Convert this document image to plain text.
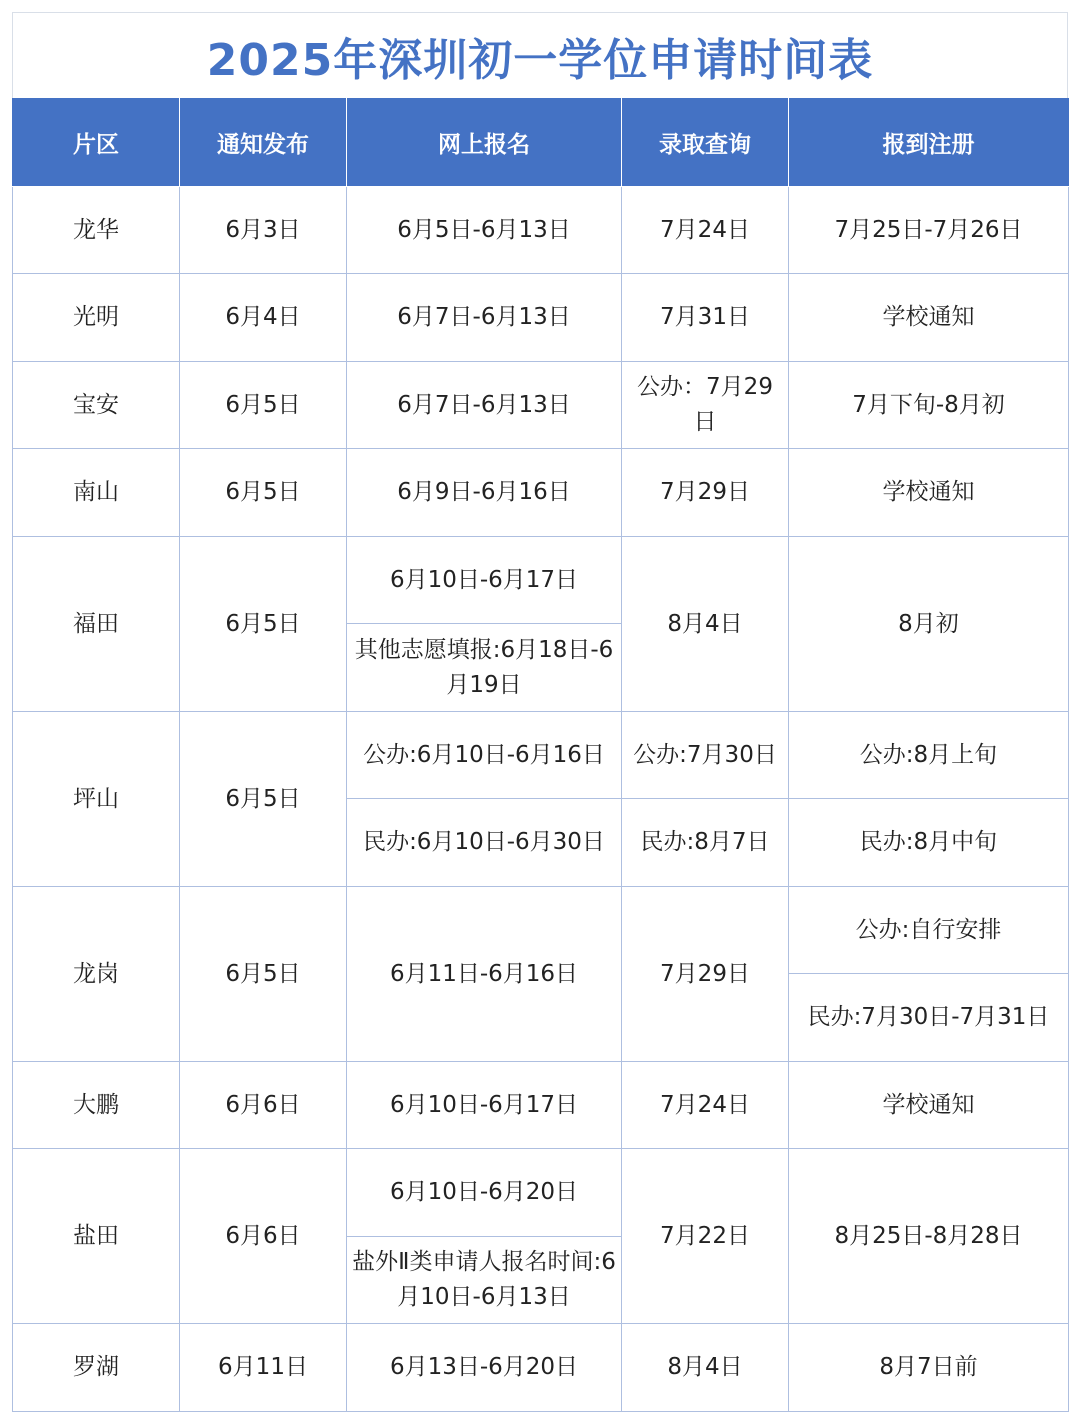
2025年深圳初一学位申请时间表
片区	通知发布	网上报名	录取查询	报到注册
龙华	6月3日	6月5日-6月13日	7月24日	7月25日-7月26日
光明	6月4日	6月7日-6月13日	7月31日	学校通知
宝安	6月5日	6月7日-6月13日	公办：7月29日	7月下旬-8月初
南山	6月5日	6月9日-6月16日	7月29日	学校通知
福田	6月5日	6月10日-6月17日	8月4日	8月初
		其他志愿填报:6月18日-6月19日		
坪山	6月5日	公办:6月10日-6月16日	公办:7月30日	公办:8月上旬
		民办:6月10日-6月30日	民办:8月7日	民办:8月中旬
龙岗	6月5日	6月11日-6月16日	7月29日	公办:自行安排
				民办:7月30日-7月31日
大鹏	6月6日	6月10日-6月17日	7月24日	学校通知
盐田	6月6日	6月10日-6月20日	7月22日	8月25日-8月28日
		盐外Ⅱ类申请人报名时间:6月10日-6月13日		
罗湖	6月11日	6月13日-6月20日	8月4日	8月7日前
